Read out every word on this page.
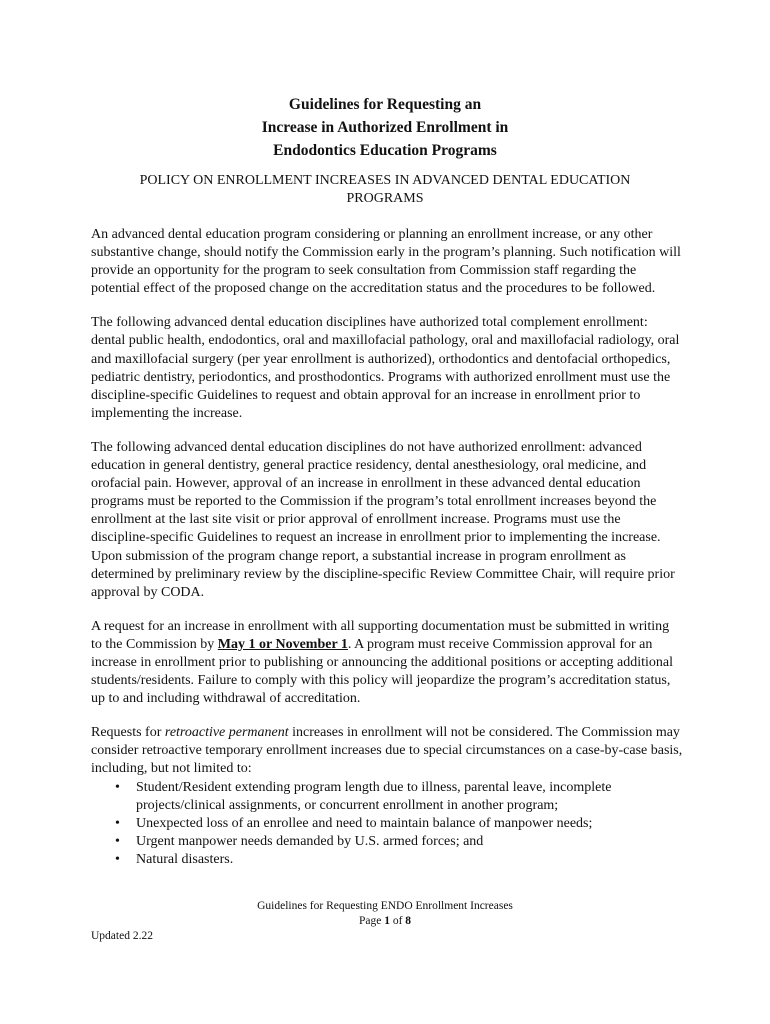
Guidelines for Requesting an
Increase in Authorized Enrollment in
Endodontics Education Programs
POLICY ON ENROLLMENT INCREASES IN ADVANCED DENTAL EDUCATION PROGRAMS

An advanced dental education program considering or planning an enrollment increase, or any other substantive change, should notify the Commission early in the program’s planning. Such notification will provide an opportunity for the program to seek consultation from Commission staff regarding the potential effect of the proposed change on the accreditation status and the procedures to be followed.

The following advanced dental education disciplines have authorized total complement enrollment: dental public health, endodontics, oral and maxillofacial pathology, oral and maxillofacial radiology, oral and maxillofacial surgery (per year enrollment is authorized), orthodontics and dentofacial orthopedics, pediatric dentistry, periodontics, and prosthodontics. Programs with authorized enrollment must use the discipline-specific Guidelines to request and obtain approval for an increase in enrollment prior to implementing the increase.

The following advanced dental education disciplines do not have authorized enrollment: advanced education in general dentistry, general practice residency, dental anesthesiology, oral medicine, and orofacial pain. However, approval of an increase in enrollment in these advanced dental education programs must be reported to the Commission if the program’s total enrollment increases beyond the enrollment at the last site visit or prior approval of enrollment increase. Programs must use the discipline-specific Guidelines to request an increase in enrollment prior to implementing the increase. Upon submission of the program change report, a substantial increase in program enrollment as determined by preliminary review by the discipline-specific Review Committee Chair, will require prior approval by CODA.

A request for an increase in enrollment with all supporting documentation must be submitted in writing to the Commission by May 1 or November 1. A program must receive Commission approval for an increase in enrollment prior to publishing or announcing the additional positions or accepting additional students/residents. Failure to comply with this policy will jeopardize the program’s accreditation status, up to and including withdrawal of accreditation.

Requests for retroactive permanent increases in enrollment will not be considered. The Commission may consider retroactive temporary enrollment increases due to special circumstances on a case-by-case basis, including, but not limited to:

• Student/Resident extending program length due to illness, parental leave, incomplete projects/clinical assignments, or concurrent enrollment in another program;
• Unexpected loss of an enrollee and need to maintain balance of manpower needs;
• Urgent manpower needs demanded by U.S. armed forces; and
• Natural disasters.
Guidelines for Requesting ENDO Enrollment Increases
Page 1 of 8
Updated 2.22
